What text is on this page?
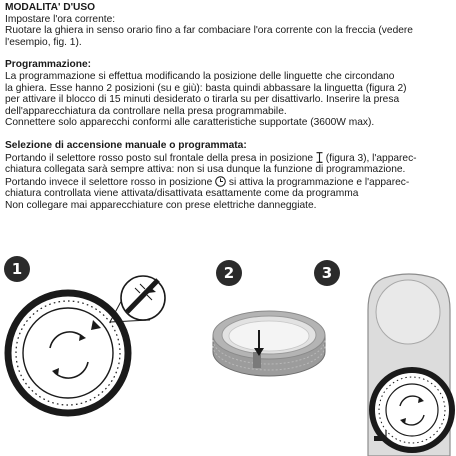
MODALITA' D'USO

Impostare l'ora corrente:

Ruotare la ghiera in senso orario fino a far combaciare l'ora corrente con la freccia (vedere

l'esempio, fig. 1).

Programmazione:

La programmazione si effettua modificando la posizione delle linguette che circondano

la ghiera. Esse hanno 2 posizioni (su e giù): basta quindi abbassare la linguetta (figura 2)

per attivare il blocco di 15 minuti desiderato o tirarla su per disattivarlo. Inserire la presa

dell'apparecchiatura da controllare nella presa programmabile.

Connettere solo apparecchi conformi alle caratteristiche supportate (3600W max).

Selezione di accensione manuale o programmata:

Portando il selettore rosso posto sul frontale della presa in posizione  (figura 3), l'apparec-

chiatura collegata sarà sempre attiva: non si usa dunque la funzione di programmazione.

Portando invece il selettore rosso in posizione  si attiva la programmazione e l'apparec-

chiatura controllata viene attivata/disattivata esattamente come da programma

Non collegare mai apparecchiature con prese elettriche danneggiate.

1	2	3
